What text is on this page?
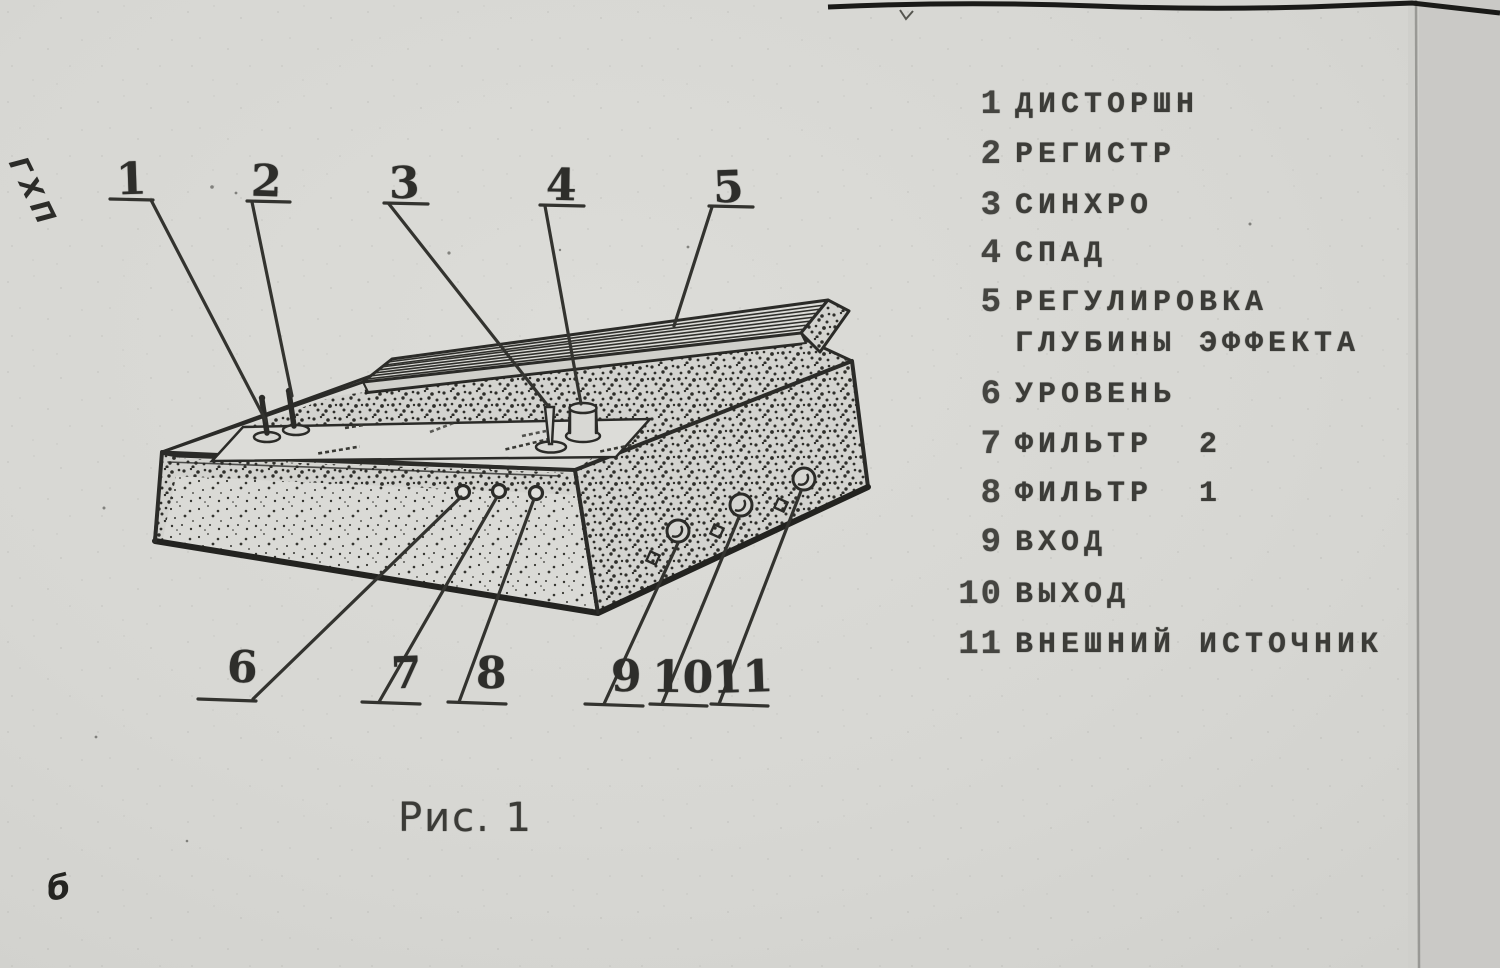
1 2 3	4	5
6	7 8 9 10
11
1 ДИСТОРШН
2 РЕГИСТР
3 СИНХРО
4 СПАД
5 РЕГУЛИРОВКА
ГЛУБИНЫ ЭФФЕКТА
6 УРОВЕНЬ
7 ФИЛЬТР  2
8 ФИЛЬТР  1
9 ВХОД
10 ВЫХОД
11 ВНЕШНИЙ ИСТОЧНИК
Рис. 1
ГХП
б
